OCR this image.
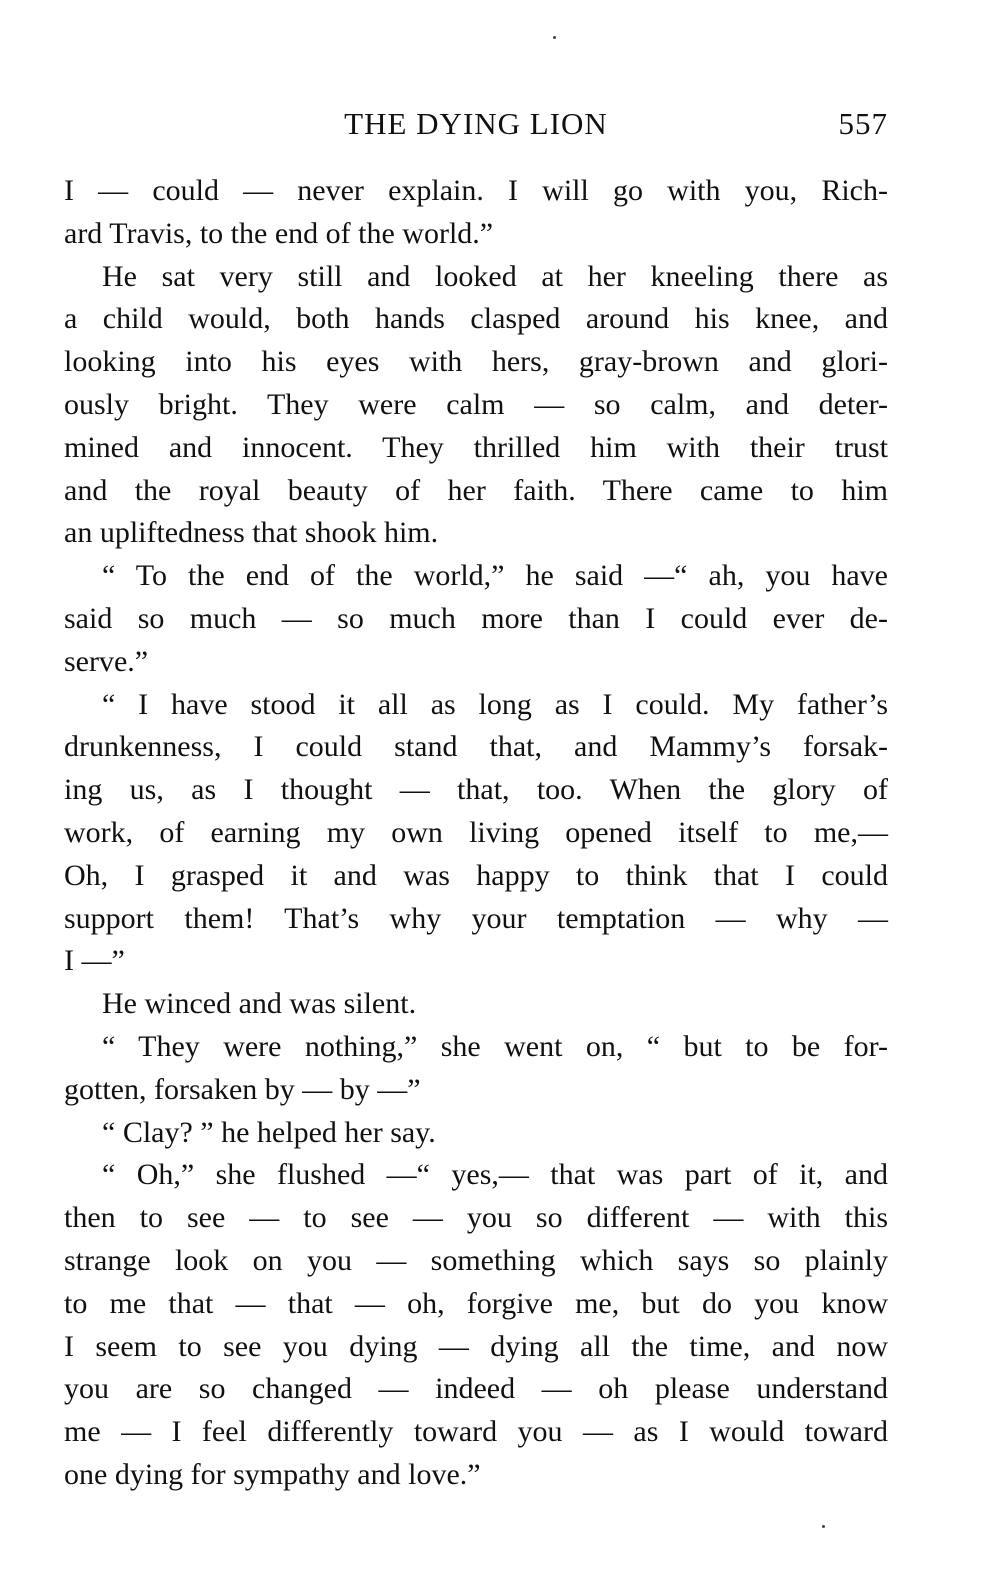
THE DYING LION	557
I — could — never explain. I will go with you, Rich-
ard Travis, to the end of the world.”
He sat very still and looked at her kneeling there as
a child would, both hands clasped around his knee, and
looking into his eyes with hers, gray-brown and glori-
ously bright. They were calm — so calm, and deter-
mined and innocent. They thrilled him with their trust
and the royal beauty of her faith. There came to him
an upliftedness that shook him.
“ To the end of the world,” he said —“ ah, you have
said so much — so much more than I could ever de-
serve.”
“ I have stood it all as long as I could. My father’s
drunkenness, I could stand that, and Mammy’s forsak-
ing us, as I thought — that, too. When the glory of
work, of earning my own living opened itself to me,—
Oh, I grasped it and was happy to think that I could
support them! That’s why your temptation — why —
I —”
He winced and was silent.
“ They were nothing,” she went on, “ but to be for-
gotten, forsaken by — by —”
“ Clay? ” he helped her say.
“ Oh,” she flushed —“ yes,— that was part of it, and
then to see — to see — you so different — with this
strange look on you — something which says so plainly
to me that — that — oh, forgive me, but do you know
I seem to see you dying — dying all the time, and now
you are so changed — indeed — oh please understand
me — I feel differently toward you — as I would toward
one dying for sympathy and love.”
